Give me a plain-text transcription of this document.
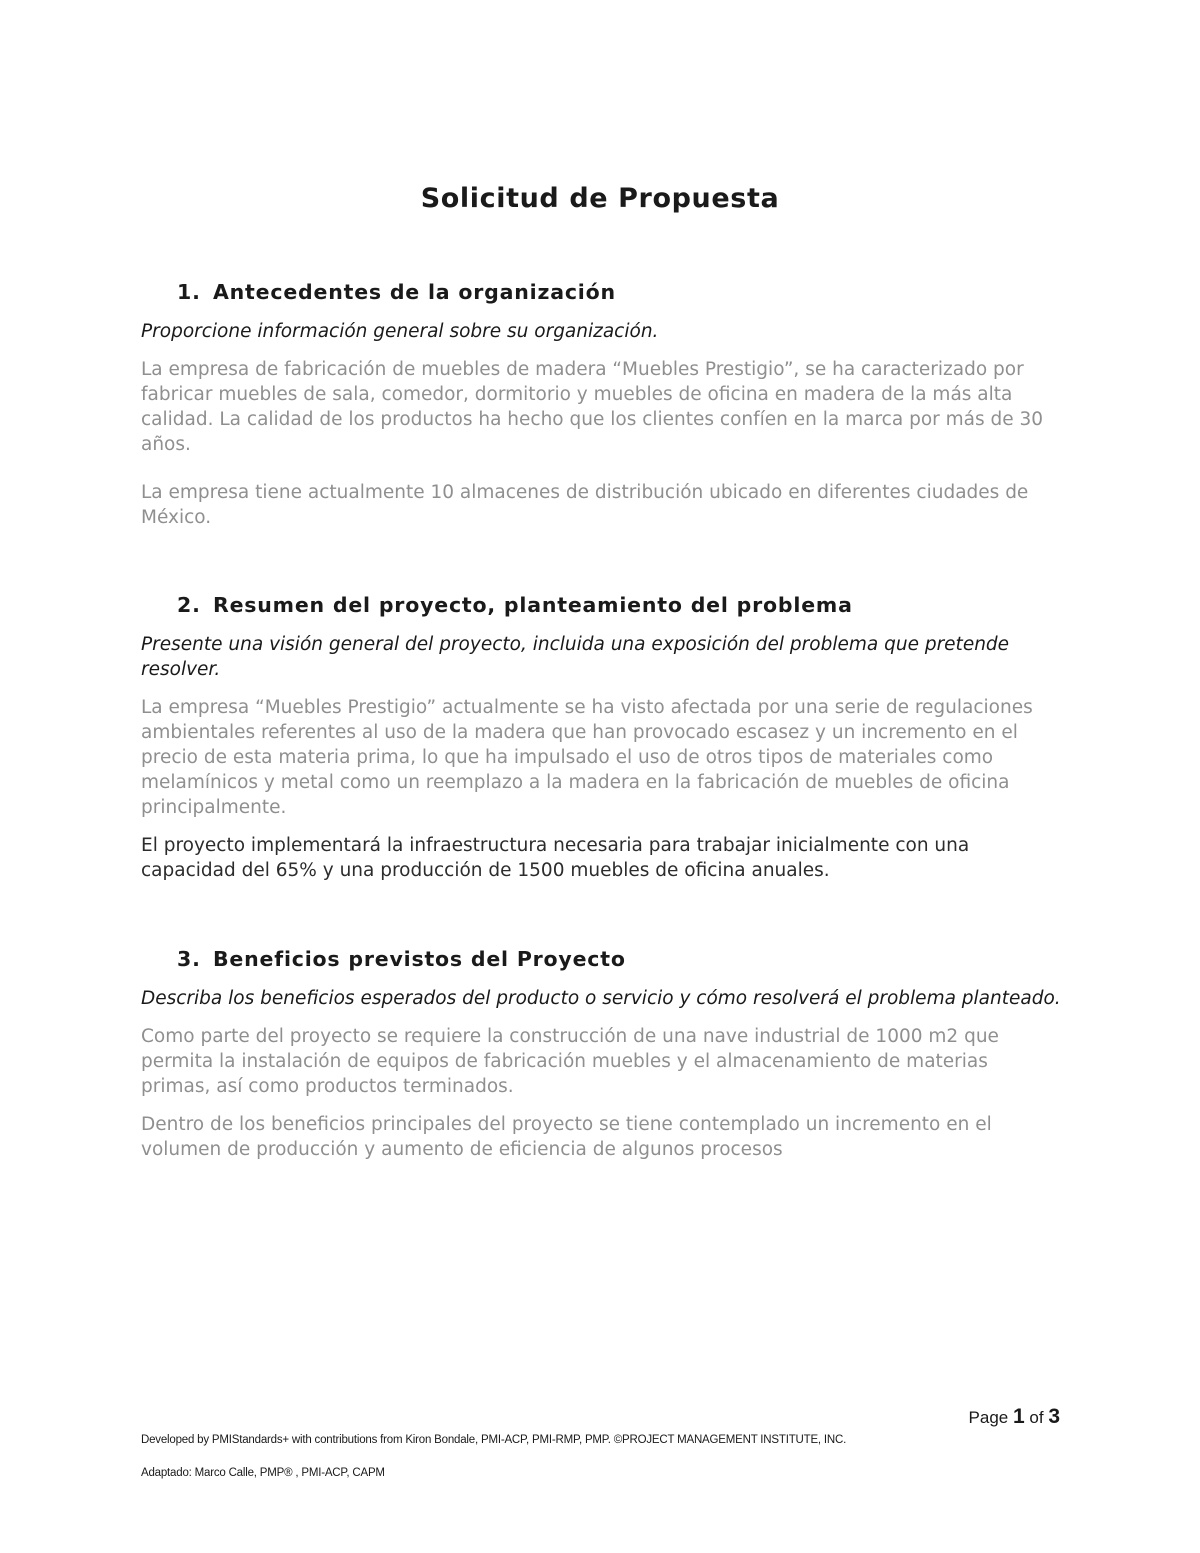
Solicitud de Propuesta
1. Antecedentes de la organización

Proporcione información general sobre su organización.

La empresa de fabricación de muebles de madera “Muebles Prestigio”, se ha caracterizado por fabricar muebles de sala, comedor, dormitorio y muebles de oficina en madera de la más alta calidad. La calidad de los productos ha hecho que los clientes confíen en la marca por más de 30 años.

La empresa tiene actualmente 10 almacenes de distribución ubicado en diferentes ciudades de México.

2. Resumen del proyecto, planteamiento del problema

Presente una visión general del proyecto, incluida una exposición del problema que pretende resolver.

La empresa “Muebles Prestigio” actualmente se ha visto afectada por una serie de regulaciones ambientales referentes al uso de la madera que han provocado escasez y un incremento en el precio de esta materia prima, lo que ha impulsado el uso de otros tipos de materiales como melamínicos y metal como un reemplazo a la madera en la fabricación de muebles de oficina principalmente.

El proyecto implementará la infraestructura necesaria para trabajar inicialmente con una capacidad del 65% y una producción de 1500 muebles de oficina anuales.

3. Beneficios previstos del Proyecto

Describa los beneficios esperados del producto o servicio y cómo resolverá el problema planteado.

Como parte del proyecto se requiere la construcción de una nave industrial de 1000 m2 que permita la instalación de equipos de fabricación muebles y el almacenamiento de materias primas, así como productos terminados.

Dentro de los beneficios principales del proyecto se tiene contemplado un incremento en el volumen de producción y aumento de eficiencia de algunos procesos

Page 1 of 3
Developed by PMIStandards+ with contributions from Kiron Bondale, PMI-ACP, PMI-RMP, PMP. ©PROJECT MANAGEMENT INSTITUTE, INC.
Adaptado: Marco Calle, PMP® , PMI-ACP, CAPM
